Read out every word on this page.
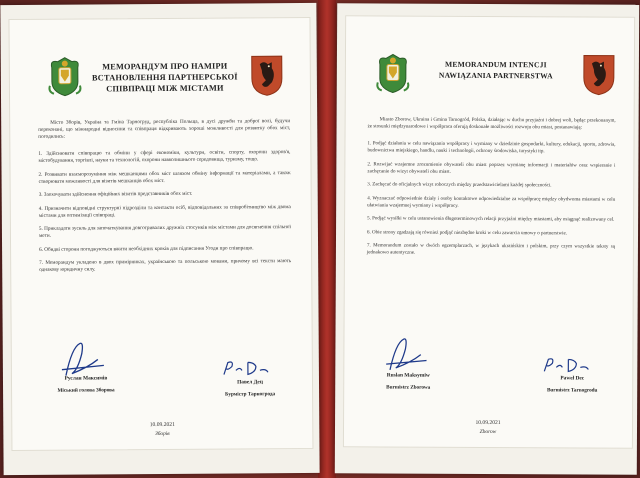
МЕМОРАНДУМ ПРО НАМІРИ ВСТАНОВЛЕННЯ ПАРТНЕРСЬКОЇ СПІВПРАЦІ МІЖ МІСТАМИ

Місто Зборів, Україна та Гміна Тарногруд, республіка Польща, в дусі дружби та доброї волі, будучи переконані, що міжнародні відносини та співпраця відкривають хороші можливості для розвитку обох міст, погодились:

1. Здійснювати співпрацю та обміни у сфері економіки, культури, освіти, спорту, охорони здоров'я, містобудування, торгівлі, науки та технологій, охорони навколишнього середовища, туризму, тощо.

2. Розвивати взаєморозуміння між мешканцями обох міст шляхом обміну інформації та матеріалами, а також створювати можливості для візитів мешканців обох міст.

3. Заохочувати здійснення офіційних візитів представників обох міст.

4. Призначити відповідні структурні підрозділи та контакти осіб, відповідальних за співробітництво між двома містами для оптимізації співпраці.

5. Прикладати зусиль для започаткування довготривалих дружніх стосунків між містами для досягнення спільної мети.

6. Обидві сторони погоджуються вжити необхідних кроків для підписання Угоди про співпрацю.

7. Меморандум укладено в двох примірниках, українською та польською мовами, причому всі тексти мають однакову юридичну силу.

Руслан Максимів
Міський голова Зборова
Павел Дец
Бурмістр Тарногрода
10.09.2021
Зборів
MEMORANDUM INTENCJI NAWIĄZANIA PARTNERSTWA

Miasto Zborow, Ukraina i Gmina Tarnogród, Polska, działając w duchu przyjaźni i dobrej woli, będąc przekonanym, że stosunki międzynarodowe i współpraca oferują doskonałe możliwości rozwoju obu miast, postanawiają:

1. Podjąć działania w celu nawiązania współpracy i wymiany w dziedzinie gospodarki, kultury, edukacji, sportu, zdrowia, budownictwa miejskiego, handlu, nauki i technologii, ochrony środowiska, turystyki itp.

2. Rozwijać wzajemne zrozumienie obywateli obu miast poprzez wymianę informacji i materiałów oraz wspieranie i zachęcanie do wizyt obywateli obu miast.

3. Zachęcać do oficjalnych wizyt roboczych między przedstawicielami każdej społeczności.

4. Wyznaczać odpowiednie działy i osoby kontaktowe odpowiedzialne za współpracę między obydwoma miastami w celu ułatwiania wzajemnej wymiany i współpracy.

5. Podjąć wysiłki w celu ustanowienia długoterminowych relacji przyjaźni między miastami, aby osiągnąć realizowany cel.

6. Obie strony zgadzają się również podjąć niezbędne kroki w celu zawarcia umowy o partnerstwie.

7. Memorandum zostało w dwóch egzemplarzach, w językach ukraińskim i polskim, przy czym wszystkie teksty są jednakowo autentyczne.

Ruslan Maksymiw
Burmistrz Zborowa
Paweł Dec
Burmistrz Tarnogrodu
10.09.2021
Zborow
